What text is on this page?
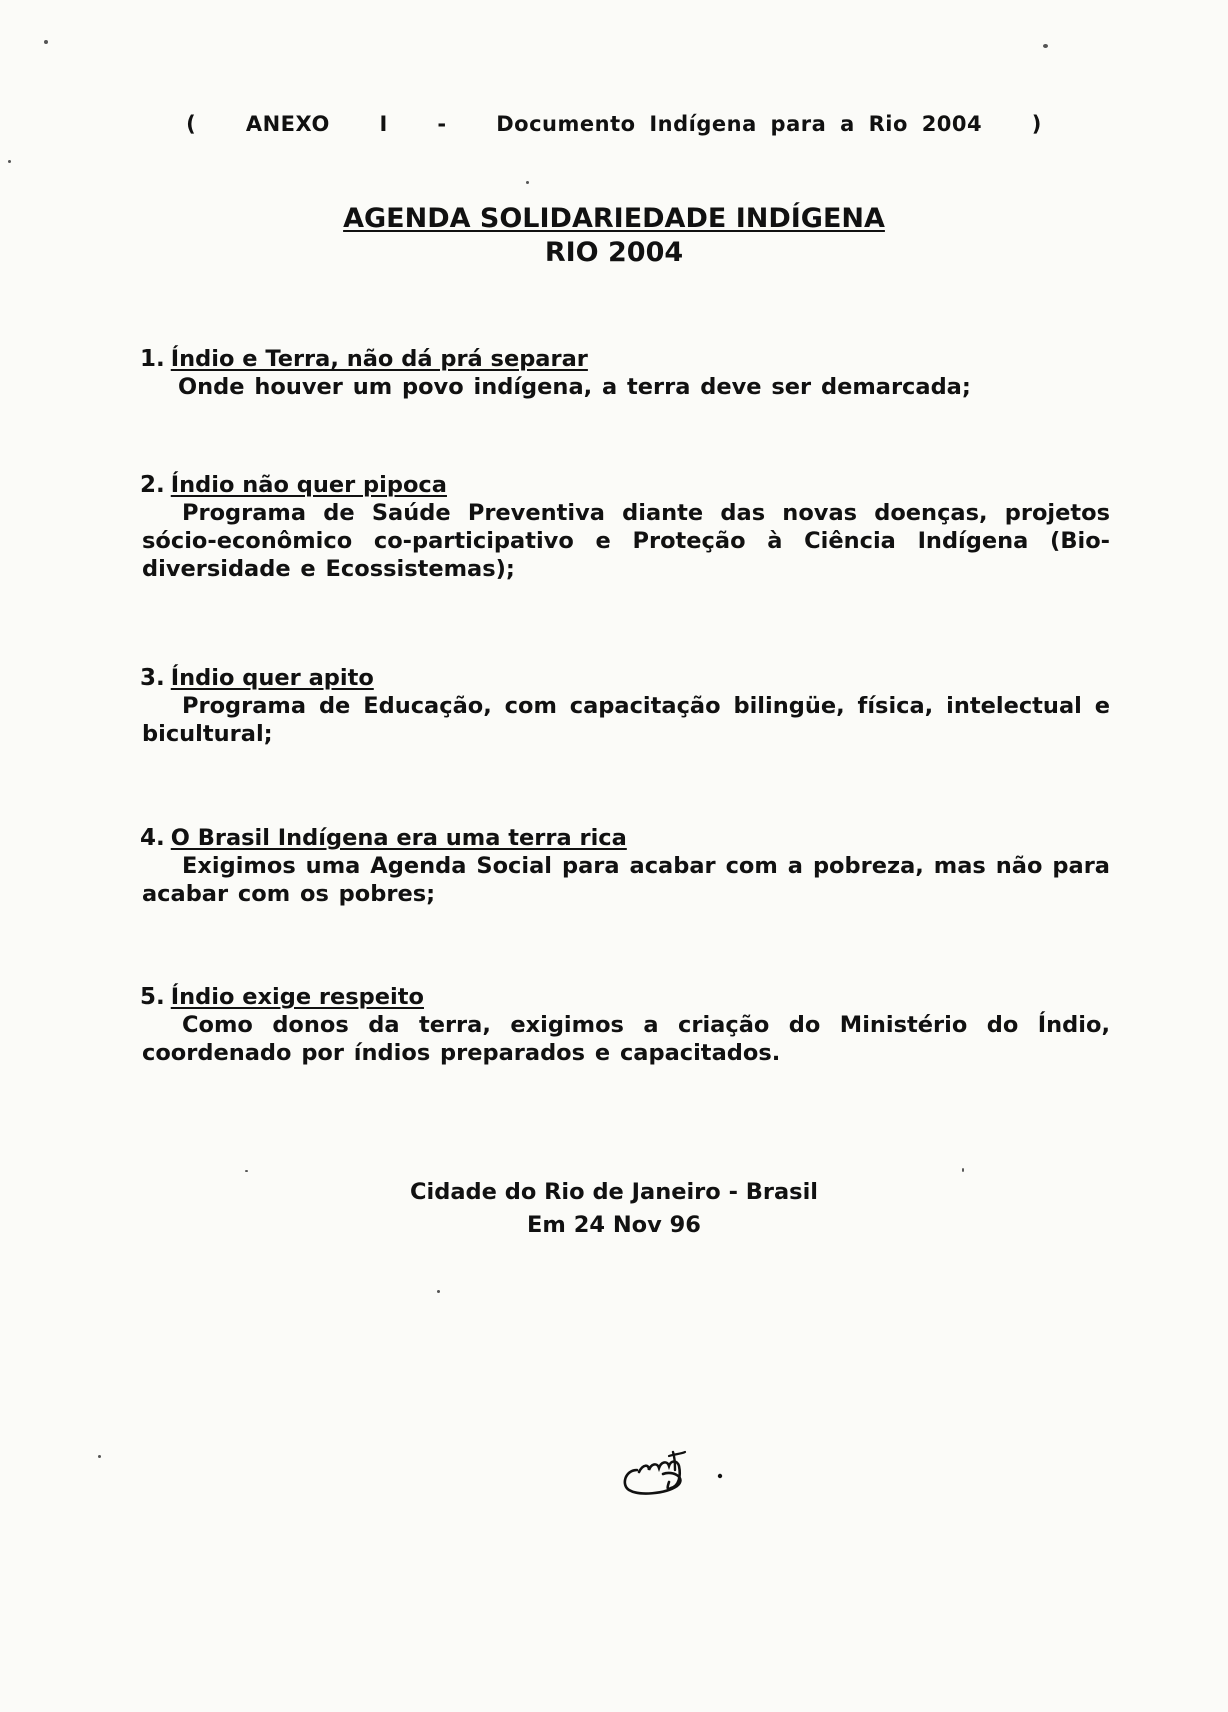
( ANEXO I - Documento Indígena para a Rio 2004 )
AGENDA SOLIDARIEDADE INDÍGENA
RIO 2004
1. Índio e Terra, não dá prá separar
Onde houver um povo indígena, a terra deve ser demarcada;
2. Índio não quer pipoca
Programa de Saúde Preventiva diante das novas doenças, projetos sócio-econômico co-participativo e Proteção à Ciência Indígena (Bio-diversidade e Ecossistemas);
3. Índio quer apito
Programa de Educação, com capacitação bilingüe, física, intelectual e bicultural;
4. O Brasil Indígena era uma terra rica
Exigimos uma Agenda Social para acabar com a pobreza, mas não para acabar com os pobres;
5. Índio exige respeito
Como donos da terra, exigimos a criação do Ministério do Índio, coordenado por índios preparados e capacitados.
Cidade do Rio de Janeiro - Brasil
Em 24 Nov 96
